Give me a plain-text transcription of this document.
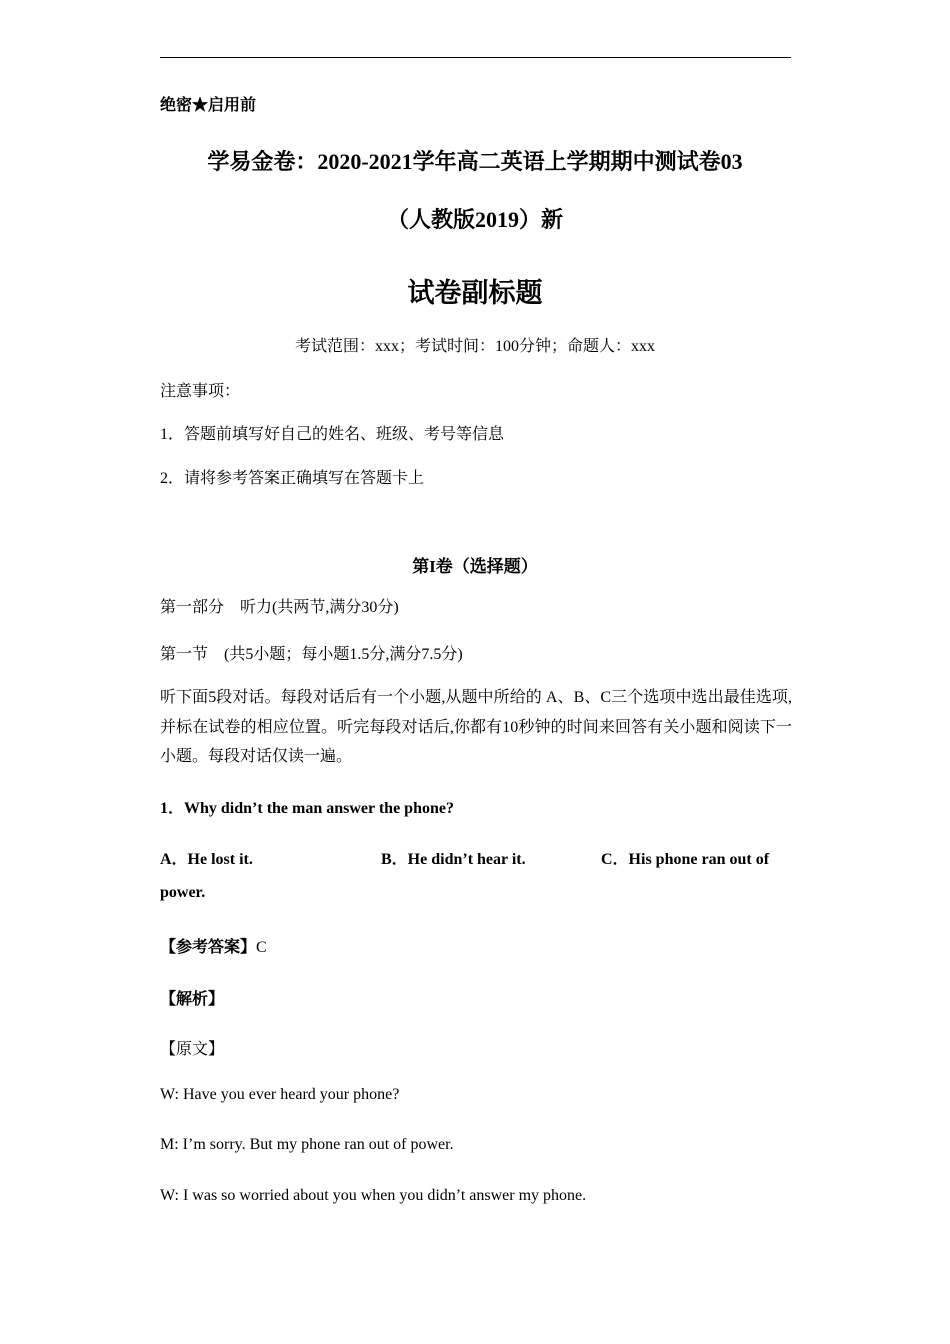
绝密★启用前
学易金卷：2020-2021学年高二英语上学期期中测试卷03
（人教版2019）新
试卷副标题
考试范围：xxx；考试时间：100分钟；命题人：xxx
注意事项：
1．答题前填写好自己的姓名、班级、考号等信息
2．请将参考答案正确填写在答题卡上
第I卷（选择题）
第一部分　听力(共两节,满分30分)
第一节　(共5小题；每小题1.5分,满分7.5分)
听下面5段对话。每段对话后有一个小题,从题中所给的 A、B、C三个选项中选出最佳选项,并标在试卷的相应位置。听完每段对话后,你都有10秒钟的时间来回答有关小题和阅读下一小题。每段对话仅读一遍。
1．Why didn’t the man answer the phone?
A．He lost it.	B．He didn’t hear it.	C．His phone ran out of
power.
【参考答案】C
【解析】
【原文】
W: Have you ever heard your phone?
M: I’m sorry. But my phone ran out of power.
W: I was so worried about you when you didn’t answer my phone.
